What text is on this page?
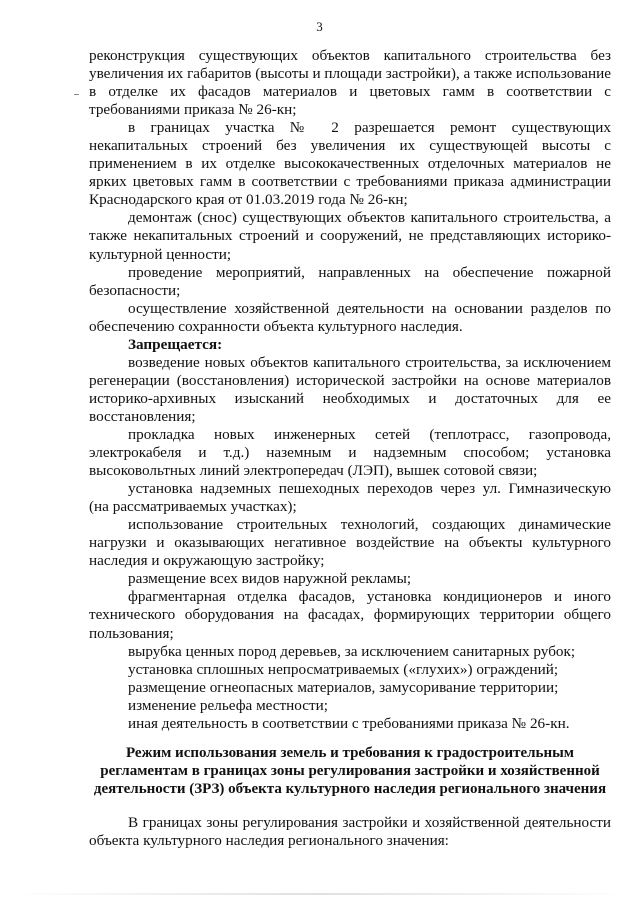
3

реконструкция существующих объектов капитального строительства без увеличения их габаритов (высоты и площади застройки), а также использование в отделке их фасадов материалов и цветовых гамм в соответствии с требованиями приказа № 26-кн;

в границах участка № 2 разрешается ремонт существующих некапитальных строений без увеличения их существующей высоты с применением в их отделке высококачественных отделочных материалов не ярких цветовых гамм в соответствии с требованиями приказа администрации Краснодарского края от 01.03.2019 года № 26-кн;

демонтаж (снос) существующих объектов капитального строительства, а также некапитальных строений и сооружений, не представляющих историко-культурной ценности;

проведение мероприятий, направленных на обеспечение пожарной безопасности;

осуществление хозяйственной деятельности на основании разделов по обеспечению сохранности объекта культурного наследия.

Запрещается:

возведение новых объектов капитального строительства, за исключением регенерации (восстановления) исторической застройки на основе материалов историко-архивных изысканий необходимых и достаточных для ее восстановления;

прокладка новых инженерных сетей (теплотрасс, газопровода, электрокабеля и т.д.) наземным и надземным способом; установка высоковольтных линий электропередач (ЛЭП), вышек сотовой связи;

установка надземных пешеходных переходов через ул. Гимназическую (на рассматриваемых участках);

использование строительных технологий, создающих динамические нагрузки и оказывающих негативное воздействие на объекты культурного наследия и окружающую застройку;

размещение всех видов наружной рекламы;

фрагментарная отделка фасадов, установка кондиционеров и иного технического оборудования на фасадах, формирующих территории общего пользования;

вырубка ценных пород деревьев, за исключением санитарных рубок;

установка сплошных непросматриваемых («глухих») ограждений;

размещение огнеопасных материалов, замусоривание территории;

изменение рельефа местности;

иная деятельность в соответствии с требованиями приказа № 26-кн.

Режим использования земель и требования к градостроительным регламентам в границах зоны регулирования застройки и хозяйственной деятельности (ЗРЗ) объекта культурного наследия регионального значения

В границах зоны регулирования застройки и хозяйственной деятельности объекта культурного наследия регионального значения:
